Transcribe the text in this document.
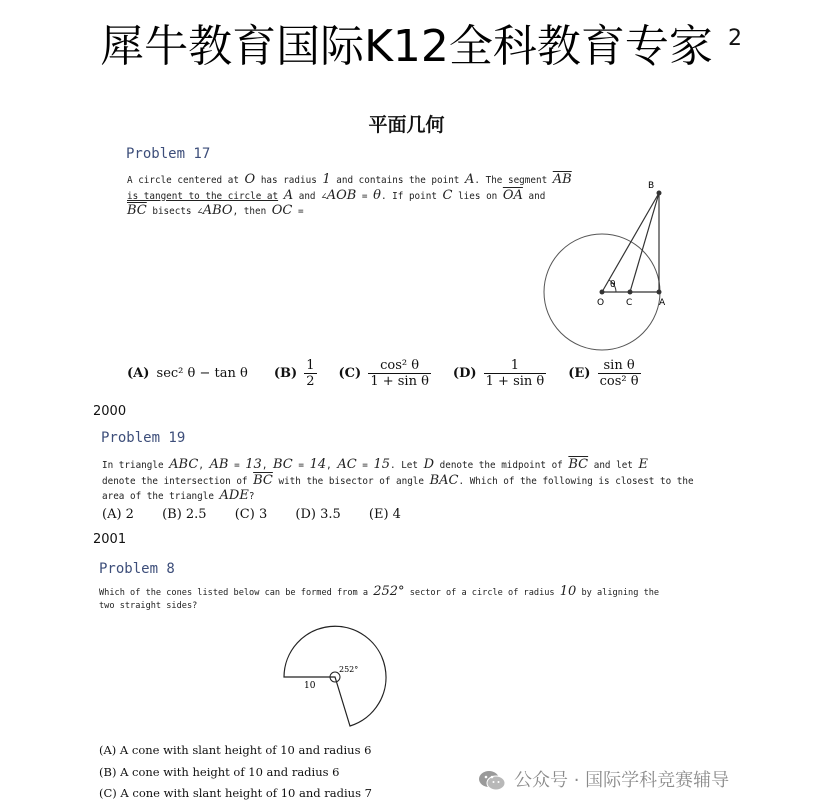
犀牛教育国际K12全科教育专家 2
平面几何
Problem 17
A circle centered at O has radius 1 and contains the point A. The segment $\overline{AB}$
is tangent to the circle at A and ∠AOB = θ. If point C lies on $\overline{OA}$ and
$\overline{BC}$ bisects ∠ABO, then OC =
B
θ
O C	A
(A) sec² θ − tan θ $(B) \frac{1}{2} (C) \frac{\text{cos² θ}}{\text{1 + sin θ}} (D) \frac{1}{\text{1 + sin θ}} (E) \frac{\text{sin θ}}{\text{cos² θ}}$
2000
Problem 19
In triangle ABC, AB = 13, BC = 14, AC = 15. Let D denote the midpoint of $\overline{BC}$ and let E
denote the intersection of $\overline{BC}$ with the bisector of angle BAC. Which of the following is closest to the
area of the triangle ADE?
(A) 2 (B) 2.5 (C) 3 (D) 3.5 (E) 4
2001
Problem 8
Which of the cones listed below can be formed from a 252° sector of a circle of radius 10 by aligning the
two straight sides?
252°
10
(A) A cone with slant height of 10 and radius 6
(B) A cone with height of 10 and radius 6
(C) A cone with slant height of 10 and radius 7
公众号 · 国际学科竞赛辅导
